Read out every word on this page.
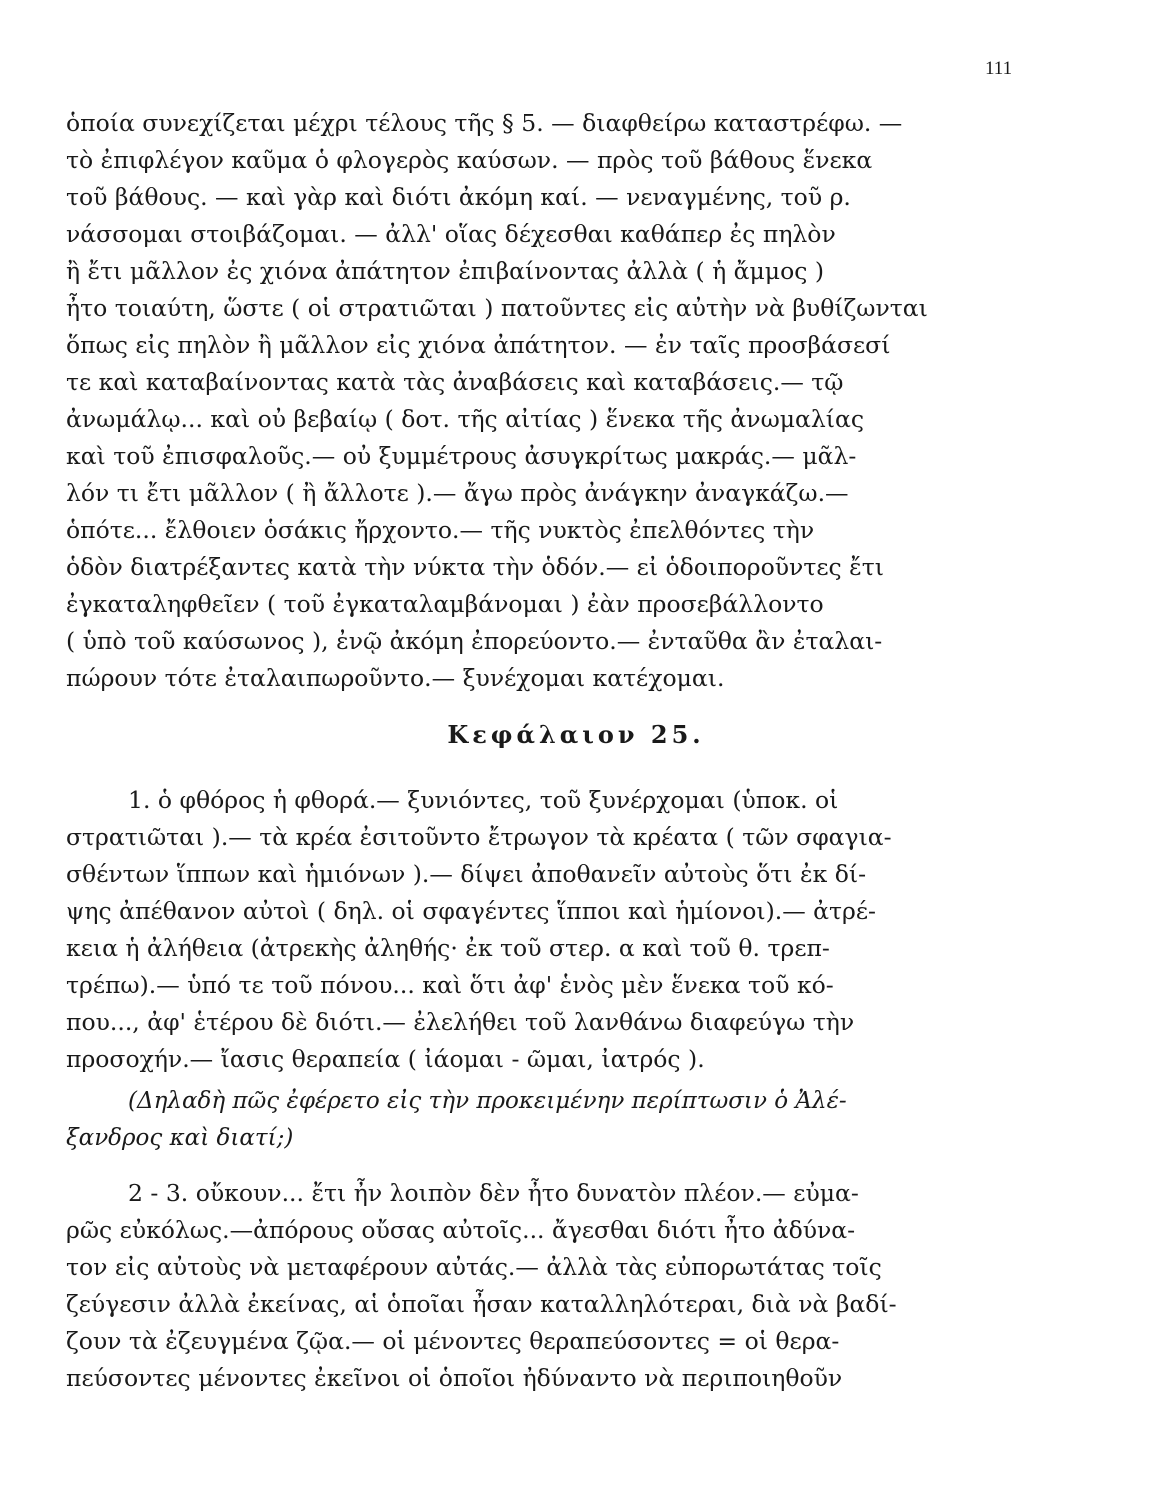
111
ὁποία συνεχίζεται μέχρι τέλους τῆς § 5. — διαφθείρω καταστρέφω. —
τὸ ἐπιφλέγον καῦμα ὁ φλογερὸς καύσων. — πρὸς τοῦ βάθους ἕνεκα
τοῦ βάθους. — καὶ γὰρ καὶ διότι ἀκόμη καί. — νεναγμένης, τοῦ ρ.
νάσσομαι στοιβάζομαι. — ἀλλ' οἵας δέχεσθαι καθάπερ ἐς πηλὸν
ἢ ἔτι μᾶλλον ἐς χιόνα ἀπάτητον ἐπιβαίνοντας ἀλλὰ ( ἡ ἄμμος )
ἦτο τοιαύτη, ὥστε ( οἱ στρατιῶται ) πατοῦντες εἰς αὐτὴν νὰ βυθίζωνται
ὅπως εἰς πηλὸν ἢ μᾶλλον εἰς χιόνα ἀπάτητον. — ἐν ταῖς προσβάσεσί
τε καὶ καταβαίνοντας κατὰ τὰς ἀναβάσεις καὶ καταβάσεις.— τῷ
ἀνωμάλῳ... καὶ οὐ βεβαίῳ ( δοτ. τῆς αἰτίας ) ἕνεκα τῆς ἀνωμαλίας
καὶ τοῦ ἐπισφαλοῦς.— οὐ ξυμμέτρους ἀσυγκρίτως μακράς.— μᾶλ-
λόν τι ἔτι μᾶλλον ( ἢ ἄλλοτε ).— ἄγω πρὸς ἀνάγκην ἀναγκάζω.—
ὁπότε... ἔλθοιεν ὁσάκις ἤρχοντο.— τῆς νυκτὸς ἐπελθόντες τὴν
ὁδὸν διατρέξαντες κατὰ τὴν νύκτα τὴν ὁδόν.— εἰ ὁδοιποροῦντες ἔτι
ἐγκαταληφθεῖεν ( τοῦ ἐγκαταλαμβάνομαι ) ἐὰν προσεβάλλοντο
( ὑπὸ τοῦ καύσωνος ), ἐνῷ ἀκόμη ἐπορεύοντο.— ἐνταῦθα ἂν ἐταλαι-
πώρουν τότε ἐταλαιπωροῦντο.— ξυνέχομαι κατέχομαι.
Κεφάλαιον 25.
1. ὁ φθόρος ἡ φθορά.— ξυνιόντες, τοῦ ξυνέρχομαι (ὑποκ. οἱ
στρατιῶται ).— τὰ κρέα ἐσιτοῦντο ἔτρωγον τὰ κρέατα ( τῶν σφαγια-
σθέντων ἵππων καὶ ἡμιόνων ).— δίψει ἀποθανεῖν αὐτοὺς ὅτι ἐκ δί-
ψης ἀπέθανον αὐτοὶ ( δηλ. οἱ σφαγέντες ἵπποι καὶ ἡμίονοι).— ἀτρέ-
κεια ἡ ἀλήθεια (ἀτρεκὴς ἀληθής· ἐκ τοῦ στερ. α καὶ τοῦ θ. τρεπ-
τρέπω).— ὑπό τε τοῦ πόνου... καὶ ὅτι ἀφ' ἑνὸς μὲν ἕνεκα τοῦ κό-
που..., ἀφ' ἑτέρου δὲ διότι.— ἐλελήθει τοῦ λανθάνω διαφεύγω τὴν
προσοχήν.— ἴασις θεραπεία ( ἰάομαι - ῶμαι, ἰατρός ).
(Δηλαδὴ πῶς ἐφέρετο εἰς τὴν προκειμένην περίπτωσιν ὁ Ἀλέ-
ξανδρος καὶ διατί;)
2 - 3. οὔκουν... ἔτι ἦν λοιπὸν δὲν ἦτο δυνατὸν πλέον.— εὐμα-
ρῶς εὐκόλως.—ἀπόρους οὔσας αὐτοῖς... ἄγεσθαι διότι ἦτο ἀδύνα-
τον εἰς αὐτοὺς νὰ μεταφέρουν αὐτάς.— ἀλλὰ τὰς εὐπορωτάτας τοῖς
ζεύγεσιν ἀλλὰ ἐκείνας, αἱ ὁποῖαι ἦσαν καταλληλότεραι, διὰ νὰ βαδί-
ζουν τὰ ἐζευγμένα ζῷα.— οἱ μένοντες θεραπεύσοντες = οἱ θερα-
πεύσοντες μένοντες ἐκεῖνοι οἱ ὁποῖοι ἠδύναντο νὰ περιποιηθοῦν
